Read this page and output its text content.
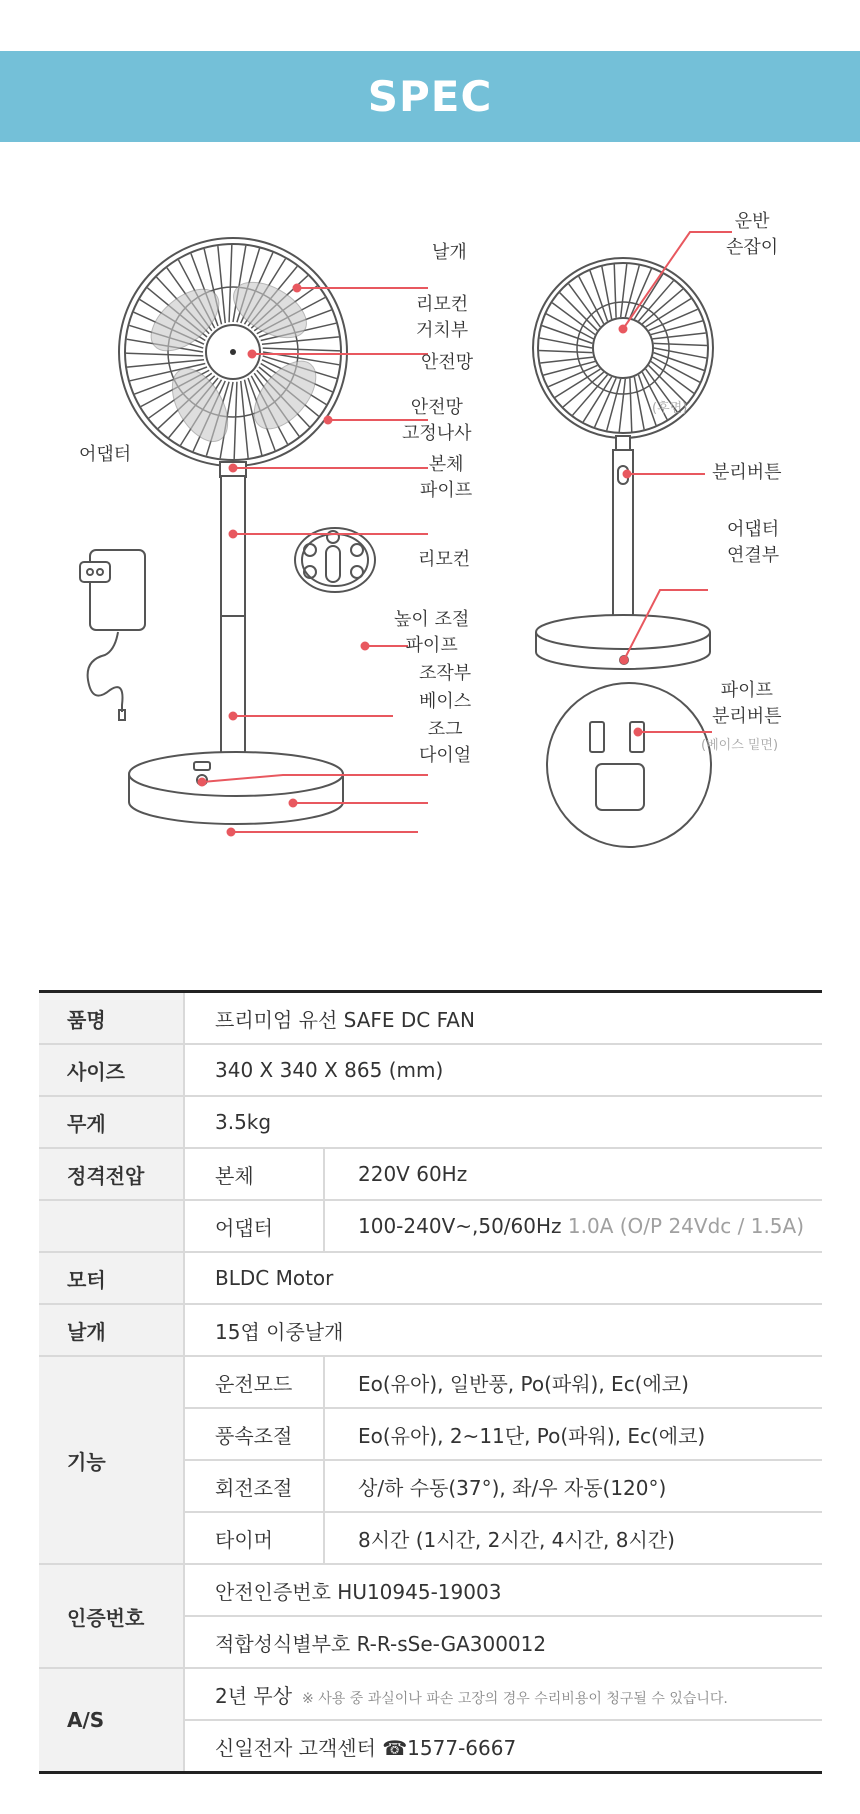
SPEC
날개
리모컨
거치부
안전망
안전망
고정나사
어댑터	본체
파이프
리모컨
높이 조절
파이프
조작부
베이스
조그
다이얼
운반
손잡이
(후면)
분리버튼
어댑터
연결부
파이프
분리버튼
(베이스 밑면)
품명	프리미엄 유선 SAFE DC FAN	
사이즈	340 X 340 X 865 (mm)	
무게	3.5kg	
정격전압	본체	220V 60Hz
	어댑터	100-240V~,50/60Hz 1.0A (O/P 24Vdc / 1.5A)
모터	BLDC Motor	
날개	15엽 이중날개	
기능	운전모드	Eo(유아), 일반풍, Po(파워), Ec(에코)
	풍속조절	Eo(유아), 2~11단, Po(파워), Ec(에코)
	회전조절	상/하 수동(37°), 좌/우 자동(120°)
	타이머	8시간 (1시간, 2시간, 4시간, 8시간)
인증번호	안전인증번호 HU10945-19003	
	적합성식별부호 R-R-sSe-GA300012	
A/S	2년 무상 ※ 사용 중 과실이나 파손 고장의 경우 수리비용이 청구될 수 있습니다.	
	신일전자 고객센터 ☎1577-6667	
